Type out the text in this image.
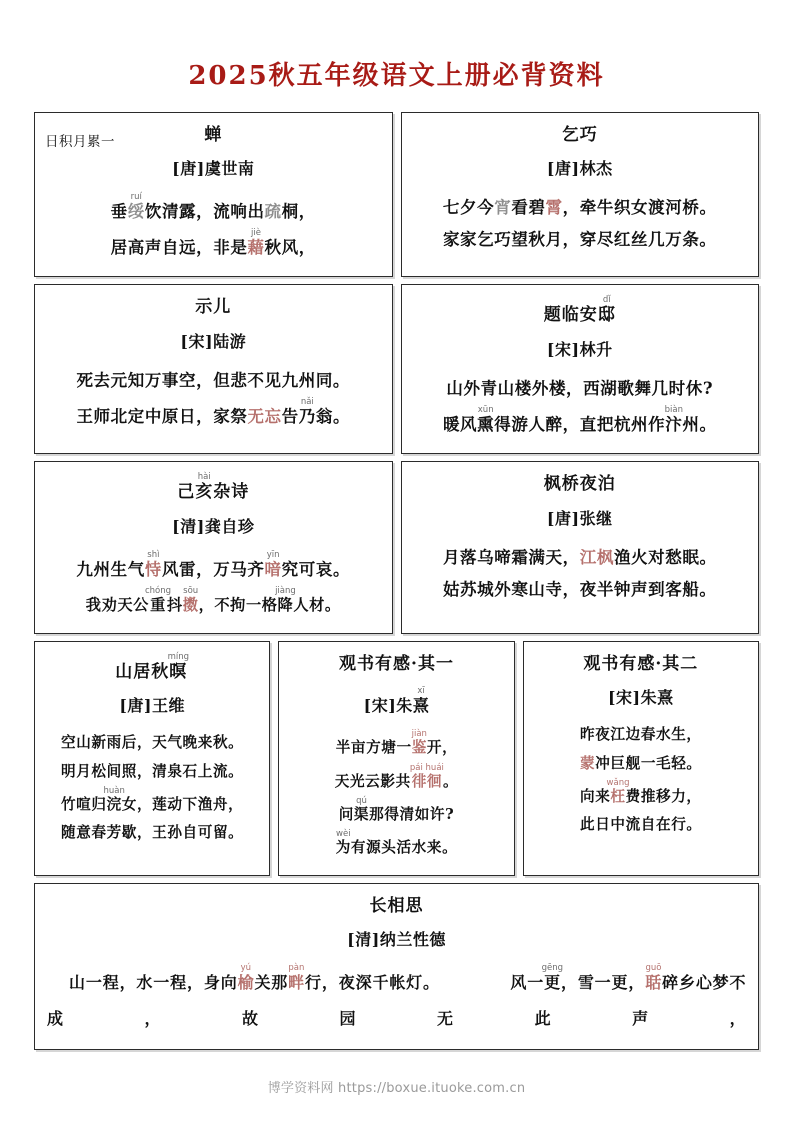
2025秋五年级语文上册必背资料
日积月累一	蝉
[唐]虞世南
垂绥ruí饮清露，流响出疏桐，
居高声自远，非是藉jiè秋风，
乞巧
[唐]林杰
七夕今宵看碧霄，牵牛织女渡河桥。
家家乞巧望秋月，穿尽红丝几万条。
示儿
[宋]陆游
死去元知万事空，但悲不见九州同。
王师北定中原日，家祭无忘告乃nǎi翁。
题临安邸dǐ
[宋]林升
山外青山楼外楼，西湖歌舞几时休?
暖风熏xūn得游人醉，直把杭州作汴biàn州。
己亥hài杂诗
[清]龚自珍
九州生气恃shì风雷，万马齐喑yīn究可哀。
我劝天公重chóng抖擞sōu，不拘一格降jiàng人材。
枫桥夜泊
[唐]张继
月落乌啼霜满天，江枫渔火对愁眠。
姑苏城外寒山寺，夜半钟声到客船。
山居秋暝míng
[唐]王维
空山新雨后，天气晚来秋。
明月松间照，清泉石上流。
竹喧归浣huàn女，莲动下渔舟，
随意春芳歇，王孙自可留。
观书有感·其一
[宋]朱熹xī
半亩方塘一鉴jiàn开，
天光云影共徘徊pái huái。
问渠qú那得清如许?
为wèi有源头活水来。
观书有感·其二
[宋]朱熹
昨夜江边春水生，
蒙冲巨舰一毛轻。
向来枉wǎng费推移力，
此日中流自在行。
长相思
[清]纳兰性德
山一程，水一程，身向榆yú关那畔pàn行，夜深千帐灯。	风一更gēng，雪一更，聒guō碎乡心梦不成，故园无此声，
博学资料网 https://boxue.ituoke.com.cn
